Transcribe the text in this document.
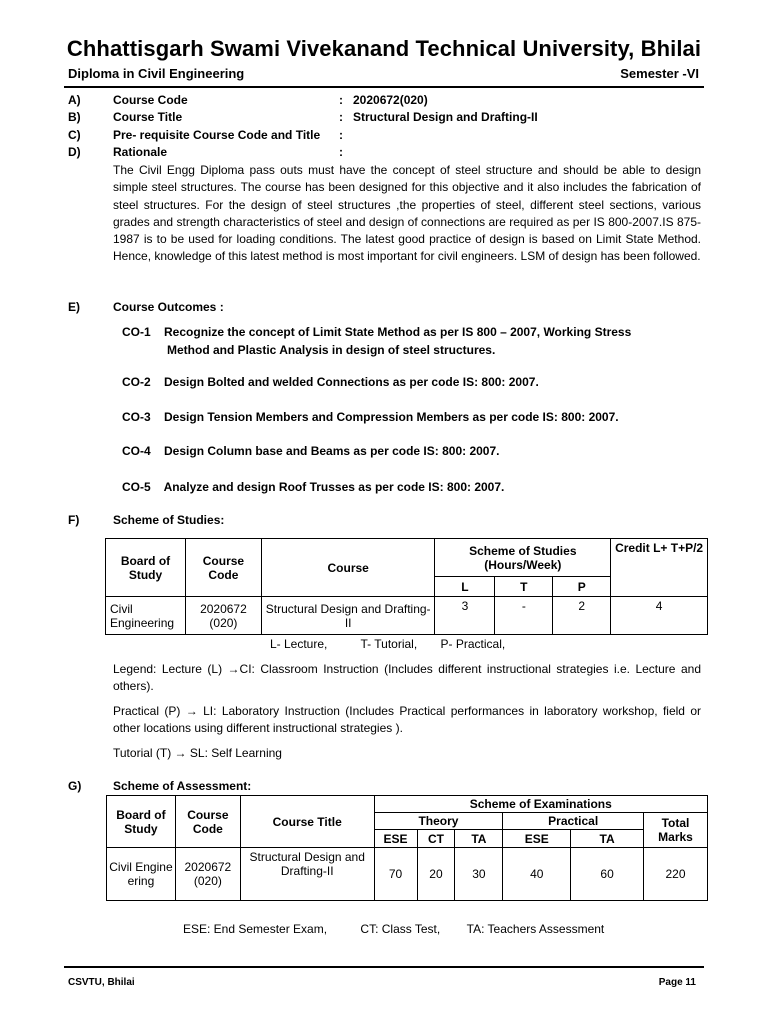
Chhattisgarh Swami Vivekanand Technical University, Bhilai
Diploma in Civil Engineering	Semester -VI
A)	Course Code	: 2020672(020)
B)	Course Title	: Structural Design and Drafting-II
C)	Pre- requisite Course Code and Title :
D)	Rationale	:
The Civil Engg Diploma pass outs must have the concept of steel structure and should be able to design simple steel structures. The course has been designed for this objective and it also includes the fabrication of steel structures. For the design of steel structures ,the properties of steel, different steel sections, various grades and strength characteristics of steel and design of connections are required as per IS 800-2007.IS 875-1987 is to be used for loading conditions. The latest good practice of design is based on Limit State Method. Hence, knowledge of this latest method is most important for civil engineers. LSM of design has been followed.
E)	Course Outcomes :
CO-1 Recognize the concept of Limit State Method as per IS 800 – 2007, Working Stress
Method and Plastic Analysis in design of steel structures.
CO-2 Design Bolted and welded Connections as per code IS: 800: 2007.
CO-3 Design Tension Members and Compression Members as per code IS: 800: 2007.
CO-4 Design Column base and Beams as per code IS: 800: 2007.
CO-5 Analyze and design Roof Trusses as per code IS: 800: 2007.
F)	Scheme of Studies:
Board of Study	Course Code	Course	Scheme of Studies (Hours/Week)			Credit L+ T+P/2
			L	T	P	
Civil Engineering	2020672 (020)	Structural Design and Drafting-II	3	-	2	4
L- Lecture,          T- Tutorial,       P- Practical,
Legend: Lecture (L) →CI: Classroom Instruction (Includes different instructional strategies i.e. Lecture and others).
Practical (P) → LI: Laboratory Instruction (Includes Practical performances in laboratory workshop, field or other locations using different instructional strategies ).
Tutorial (T) → SL: Self Learning
G)	Scheme of Assessment:
Board of Study	Course Code	Course Title	Scheme of Examinations					
			Theory			Practical		Total Marks
			ESE	CT	TA	ESE	TA	
Civil Engineering	2020672 (020)	Structural Design and Drafting-II	70	20	30	40	60	220
ESE: End Semester Exam,          CT: Class Test,        TA: Teachers Assessment
CSVTU, Bhilai	Page 11
